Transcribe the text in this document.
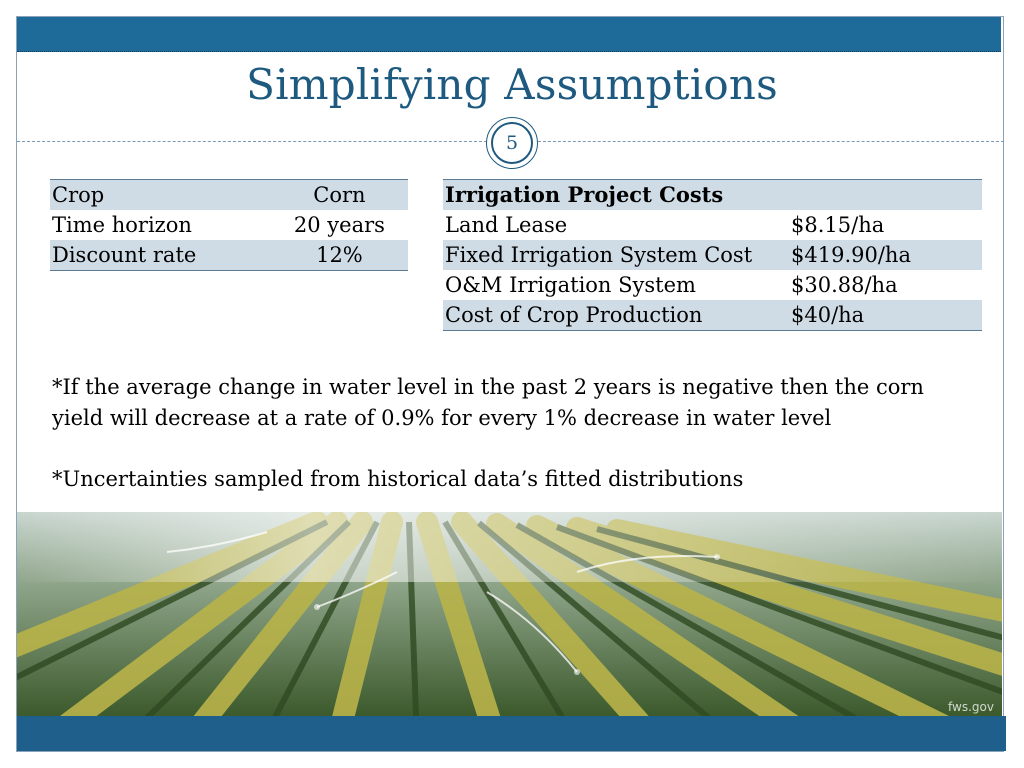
Simplifying Assumptions
5
Crop	Corn
Time horizon	20 years
Discount rate	12%
Irrigation Project Costs	
Land Lease	$8.15/ha
Fixed Irrigation System Cost	$419.90/ha
O&M Irrigation System	$30.88/ha
Cost of Crop Production	$40/ha
*If the average change in water level in the past 2 years is negative then the corn yield will decrease at a rate of 0.9% for every 1% decrease in water level
*Uncertainties sampled from historical data’s fitted distributions
fws.gov
